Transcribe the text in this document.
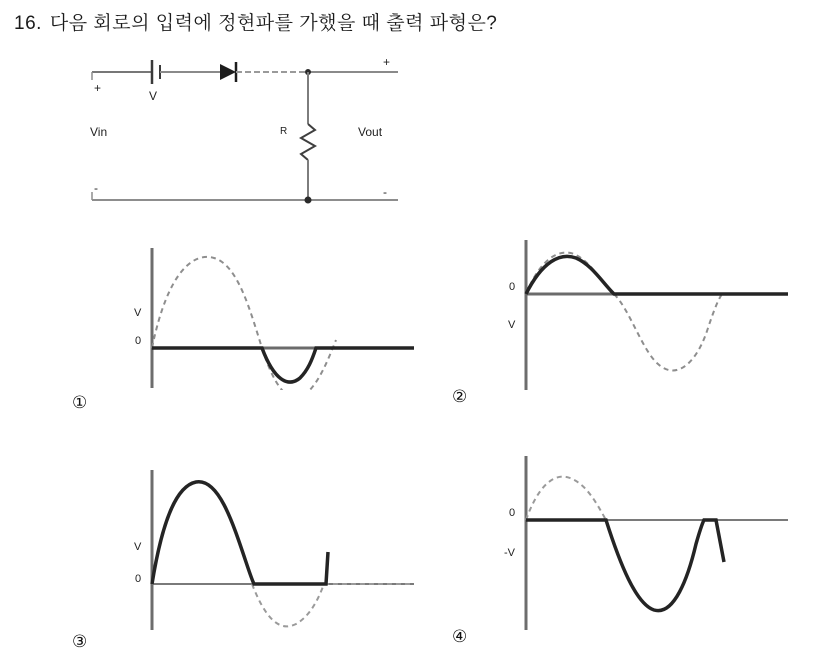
16. 다음 회로의 입력에 정현파를 가했을 때 출력 파형은?
+
-
+
-
V
Vin	Vout
R
①
V
0
②
0
V
③
V
0
④
0
-V
